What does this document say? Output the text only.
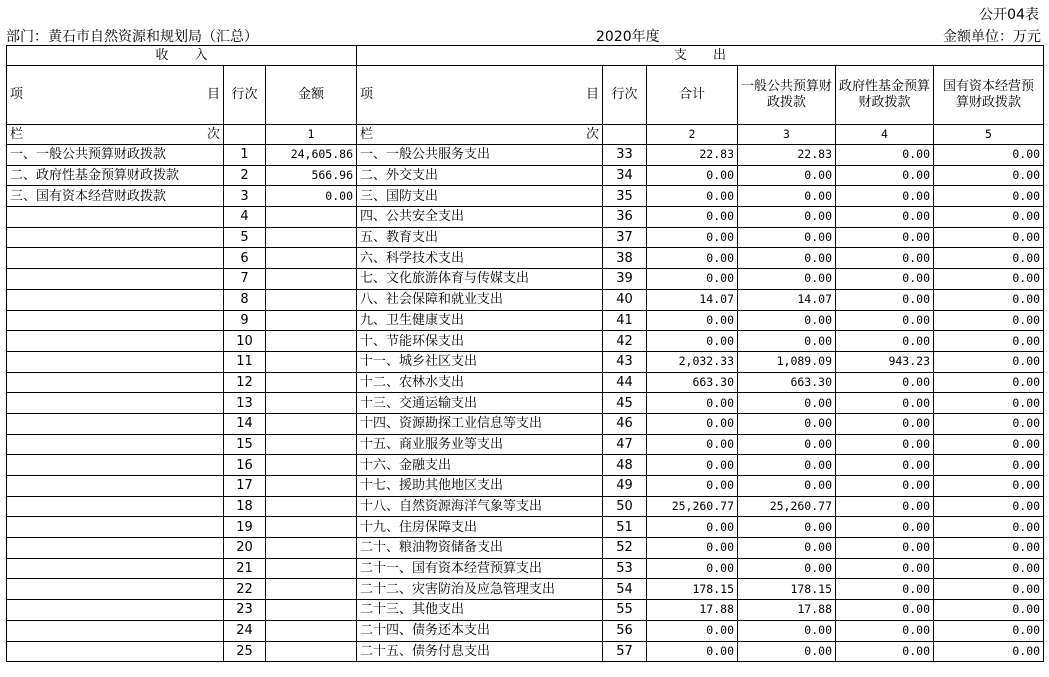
公开04表
部门：黄石市自然资源和规划局（汇总）	2020年度	金额单位：万元
收　　入			支　　出					

项 目	行次	金额	项 目	行次	合计	一般公共预算财政拨款	政府性基金预算财政拨款	国有资本经营预算财政拨款

栏 次		1	栏 次		2	3	4	5
一、一般公共预算财政拨款	1	24,605.86	一、一般公共服务支出	33	22.83	22.83	0.00	0.00
二、政府性基金预算财政拨款	2	566.96	二、外交支出	34	0.00	0.00	0.00	0.00
三、国有资本经营财政拨款	3	0.00	三、国防支出	35	0.00	0.00	0.00	0.00
	4		四、公共安全支出	36	0.00	0.00	0.00	0.00
	5		五、教育支出	37	0.00	0.00	0.00	0.00
	6		六、科学技术支出	38	0.00	0.00	0.00	0.00
	7		七、文化旅游体育与传媒支出	39	0.00	0.00	0.00	0.00
	8		八、社会保障和就业支出	40	14.07	14.07	0.00	0.00
	9		九、卫生健康支出	41	0.00	0.00	0.00	0.00
	10		十、节能环保支出	42	0.00	0.00	0.00	0.00
	11		十一、城乡社区支出	43	2,032.33	1,089.09	943.23	0.00
	12		十二、农林水支出	44	663.30	663.30	0.00	0.00
	13		十三、交通运输支出	45	0.00	0.00	0.00	0.00
	14		十四、资源勘探工业信息等支出	46	0.00	0.00	0.00	0.00
	15		十五、商业服务业等支出	47	0.00	0.00	0.00	0.00
	16		十六、金融支出	48	0.00	0.00	0.00	0.00
	17		十七、援助其他地区支出	49	0.00	0.00	0.00	0.00
	18		十八、自然资源海洋气象等支出	50	25,260.77	25,260.77	0.00	0.00
	19		十九、住房保障支出	51	0.00	0.00	0.00	0.00
	20		二十、粮油物资储备支出	52	0.00	0.00	0.00	0.00
	21		二十一、国有资本经营预算支出	53	0.00	0.00	0.00	0.00
	22		二十二、灾害防治及应急管理支出	54	178.15	178.15	0.00	0.00
	23		二十三、其他支出	55	17.88	17.88	0.00	0.00
	24		二十四、债务还本支出	56	0.00	0.00	0.00	0.00
	25		二十五、债务付息支出	57	0.00	0.00	0.00	0.00
